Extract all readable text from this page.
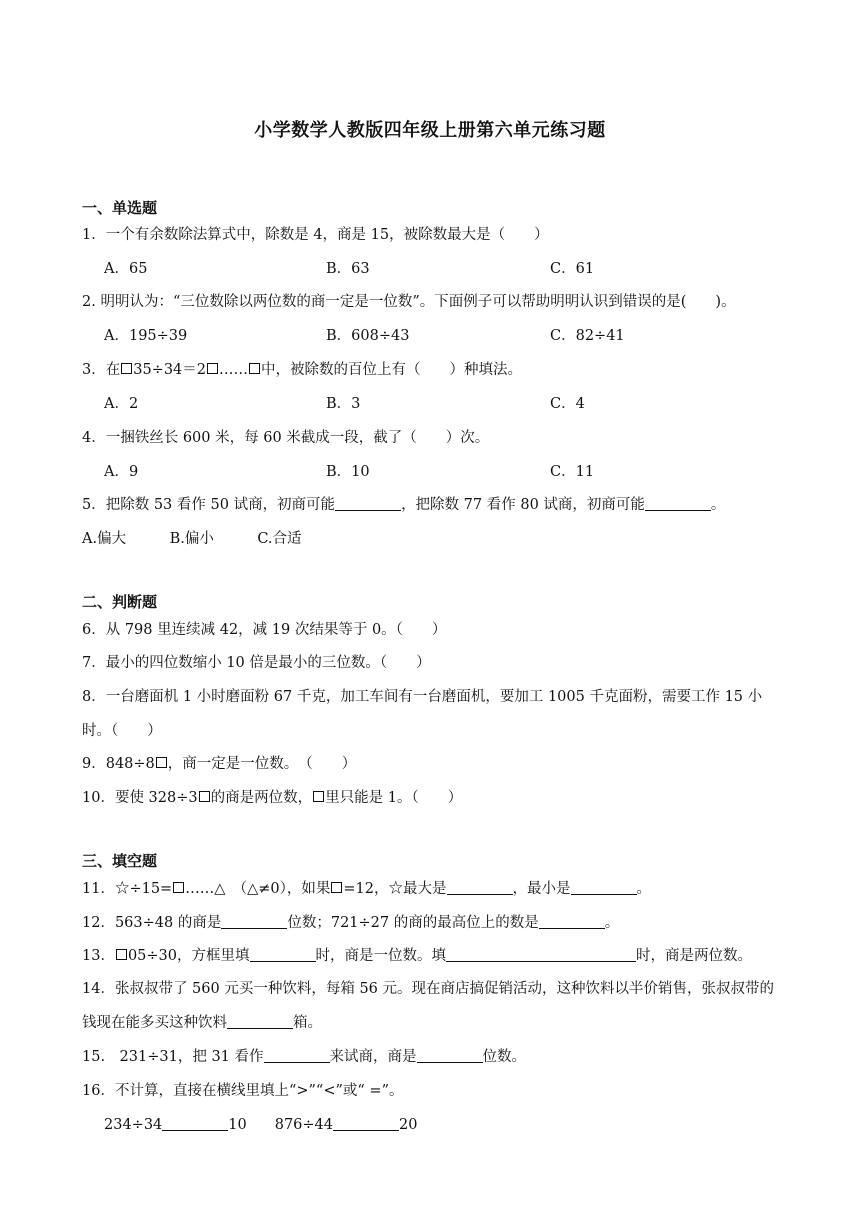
小学数学人教版四年级上册第六单元练习题
一、单选题
1．一个有余数除法算式中，除数是 4，商是 15，被除数最大是（　　）
A．65	B．63	C．61
2. 明明认为：“三位数除以两位数的商一定是一位数”。下面例子可以帮助明明认识到错误的是(　　)。
A．195÷39	B．608÷43	C．82÷41
3．在 35÷34＝2 …… 中，被除数的百位上有（　　）种填法。
A．2	B．3	C．4
4．一捆铁丝长 600 米，每 60 米截成一段，截了（　　）次。
A．9	B．10	C．11
5．把除数 53 看作 50 试商，初商可能	，把除数 77 看作 80 试商，初商可能	。
A.偏大　　　B.偏小　　　C.合适
二、判断题
6．从 798 里连续减 42，减 19 次结果等于 0。（　　）
7．最小的四位数缩小 10 倍是最小的三位数。（　　）
8．一台磨面机 1 小时磨面粉 67 千克，加工车间有一台磨面机，要加工 1005 千克面粉，需要工作 15 小时。（　　）
9．848÷8 ，商一定是一位数。　（　　）
10．要使 328÷3 的商是两位数， 里只能是 1。（　　）
三、填空题
11．☆÷15= ……△　（△≠0），如果 =12，☆最大是	，最小是	。
12．563÷48 的商是	位数；721÷27 的商的最高位上的数是	。
13． 05÷30，方框里填	时，商是一位数。填	时，商是两位数。
14．张叔叔带了 560 元买一种饮料，每箱 56 元。现在商店搞促销活动，这种饮料以半价销售，张叔叔带的钱现在能多买这种饮料	箱。
15.　231÷31，把 31 看作	来试商，商是	位数。
16．不计算，直接在横线里填上“>”“<”或“ =”。
234÷34	10 876÷44	20
